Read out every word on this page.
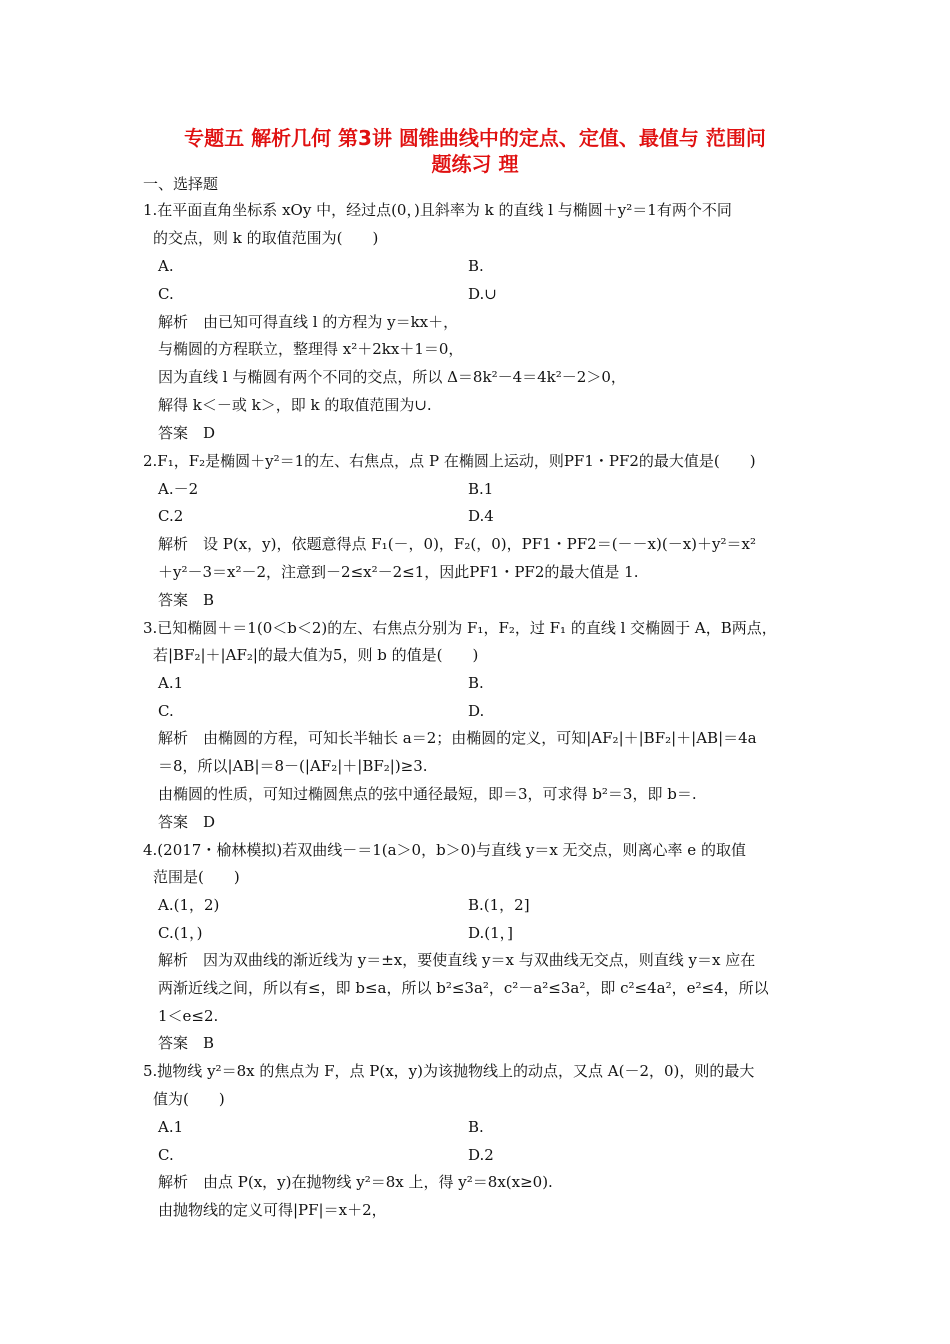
专题五 解析几何 第3讲 圆锥曲线中的定点、定值、最值与 范围问
题练习 理
一、选择题
1.在平面直角坐标系 xOy 中，经过点(0，)且斜率为 k 的直线 l 与椭圆＋y²＝1有两个不同
的交点，则 k 的取值范围为(　　)
A.	B.
C.	D.∪
解析　由已知可得直线 l 的方程为 y＝kx＋，
与椭圆的方程联立，整理得 x²＋2kx＋1＝0，
因为直线 l 与椭圆有两个不同的交点，所以 Δ＝8k²－4＝4k²－2＞0，
解得 k＜－或 k＞，即 k 的取值范围为∪.
答案　D
2.F₁，F₂是椭圆＋y²＝1的左、右焦点，点 P 在椭圆上运动，则PF1・PF2的最大值是(　　)
A.－2	B.1
C.2	D.4
解析　设 P(x，y)，依题意得点 F₁(－，0)，F₂(，0)，PF1・PF2＝(－－x)(－x)＋y²＝x²
＋y²－3＝x²－2，注意到－2≤x²－2≤1，因此PF1・PF2的最大值是 1.
答案　B
3.已知椭圆＋＝1(0＜b＜2)的左、右焦点分别为 F₁，F₂，过 F₁ 的直线 l 交椭圆于 A，B两点，
若|BF₂|＋|AF₂|的最大值为5，则 b 的值是(　　)
A.1	B.
C.	D.
解析　由椭圆的方程，可知长半轴长 a＝2；由椭圆的定义，可知|AF₂|＋|BF₂|＋|AB|＝4a
＝8，所以|AB|＝8－(|AF₂|＋|BF₂|)≥3.
由椭圆的性质，可知过椭圆焦点的弦中通径最短，即＝3，可求得 b²＝3，即 b＝.
答案　D
4.(2017・榆林模拟)若双曲线－＝1(a＞0，b＞0)与直线 y＝x 无交点，则离心率 e 的取值
范围是(　　)
A.(1，2)	B.(1，2]
C.(1，)	D.(1，]
解析　因为双曲线的渐近线为 y＝±x，要使直线 y＝x 与双曲线无交点，则直线 y＝x 应在
两渐近线之间，所以有≤，即 b≤a，所以 b²≤3a²，c²－a²≤3a²，即 c²≤4a²，e²≤4，所以
1＜e≤2.
答案　B
5.抛物线 y²＝8x 的焦点为 F，点 P(x，y)为该抛物线上的动点，又点 A(－2，0)，则的最大
值为(　　)
A.1	B.
C.	D.2
解析　由点 P(x，y)在抛物线 y²＝8x 上，得 y²＝8x(x≥0).
由抛物线的定义可得|PF|＝x＋2，
